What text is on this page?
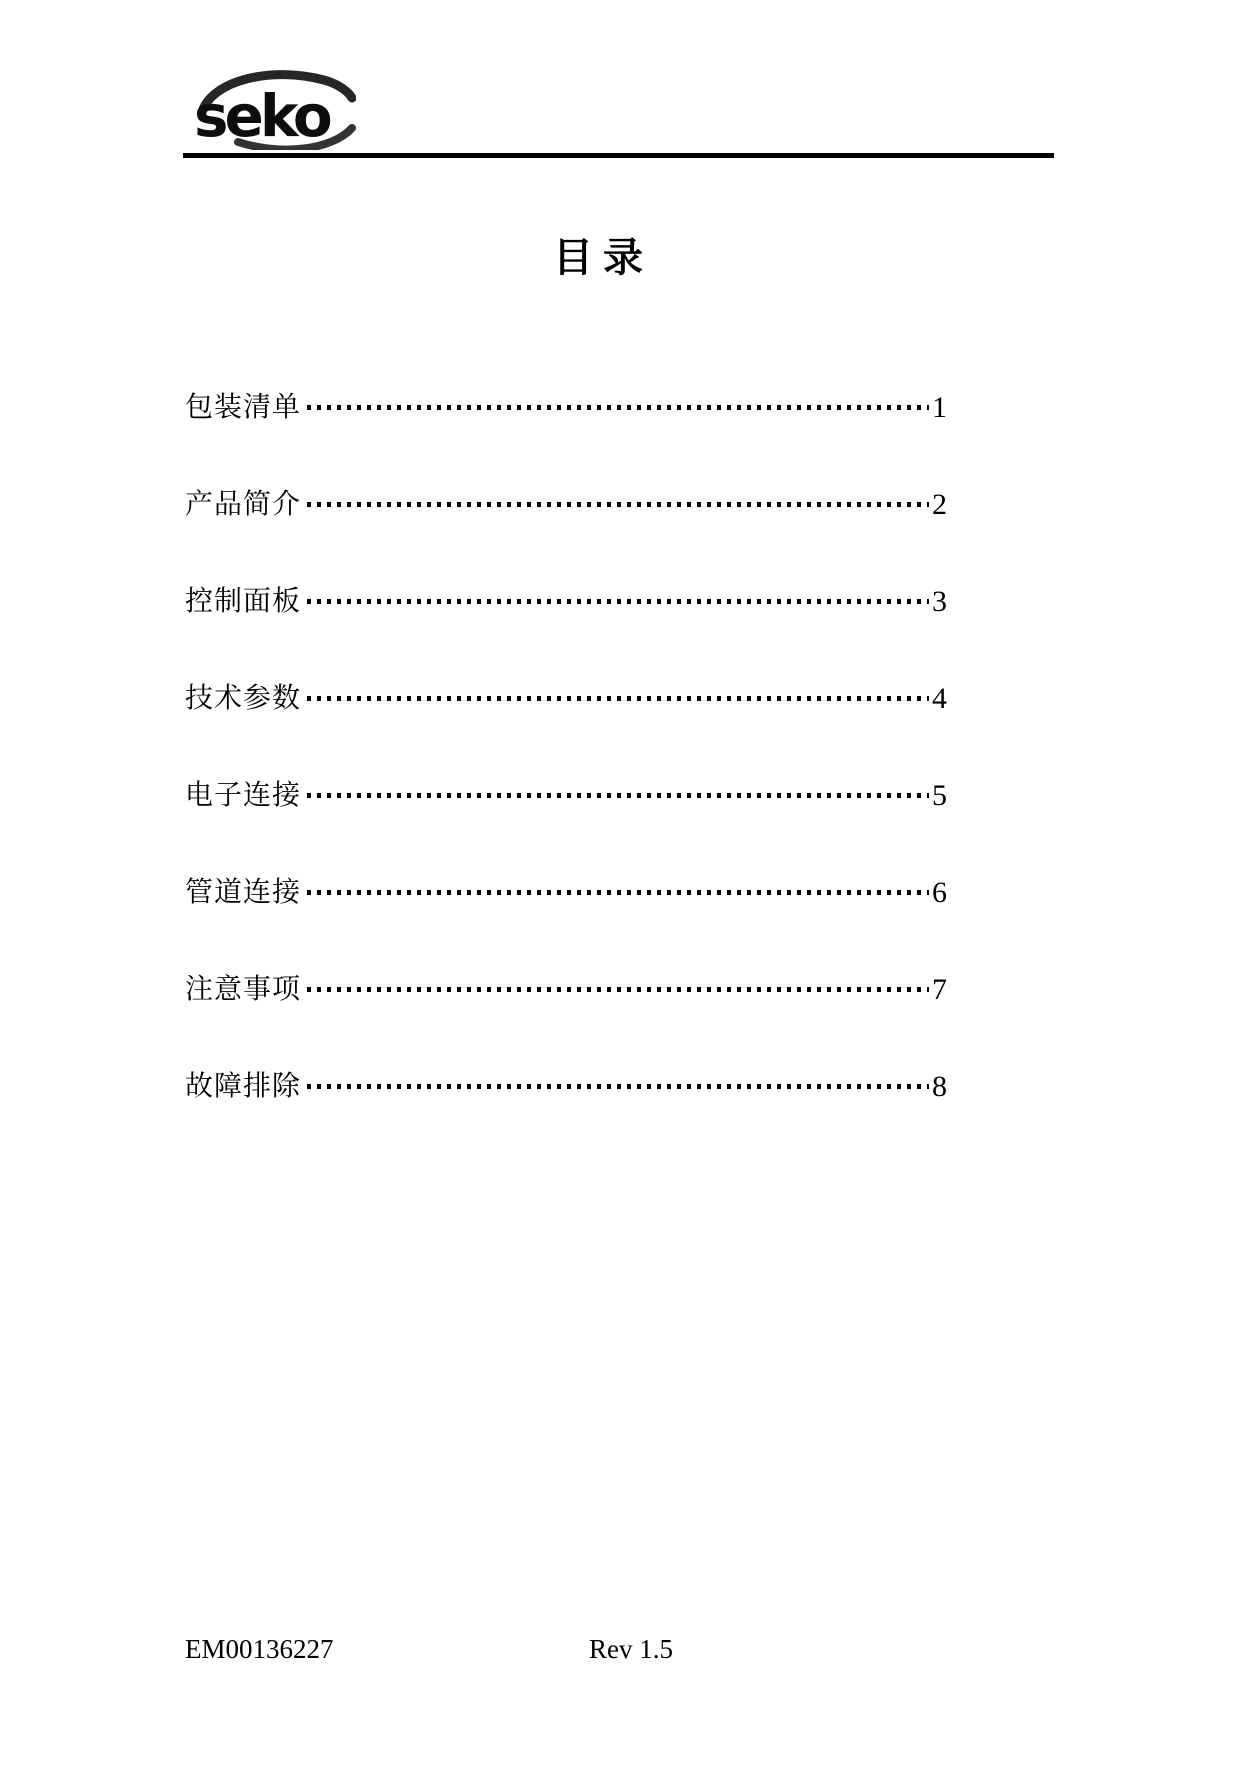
seko
目录
包装清单	1
产品简介	2
控制面板	3
技术参数	4
电子连接	5
管道连接	6
注意事项	7
故障排除	8
EM00136227	Rev 1.5
